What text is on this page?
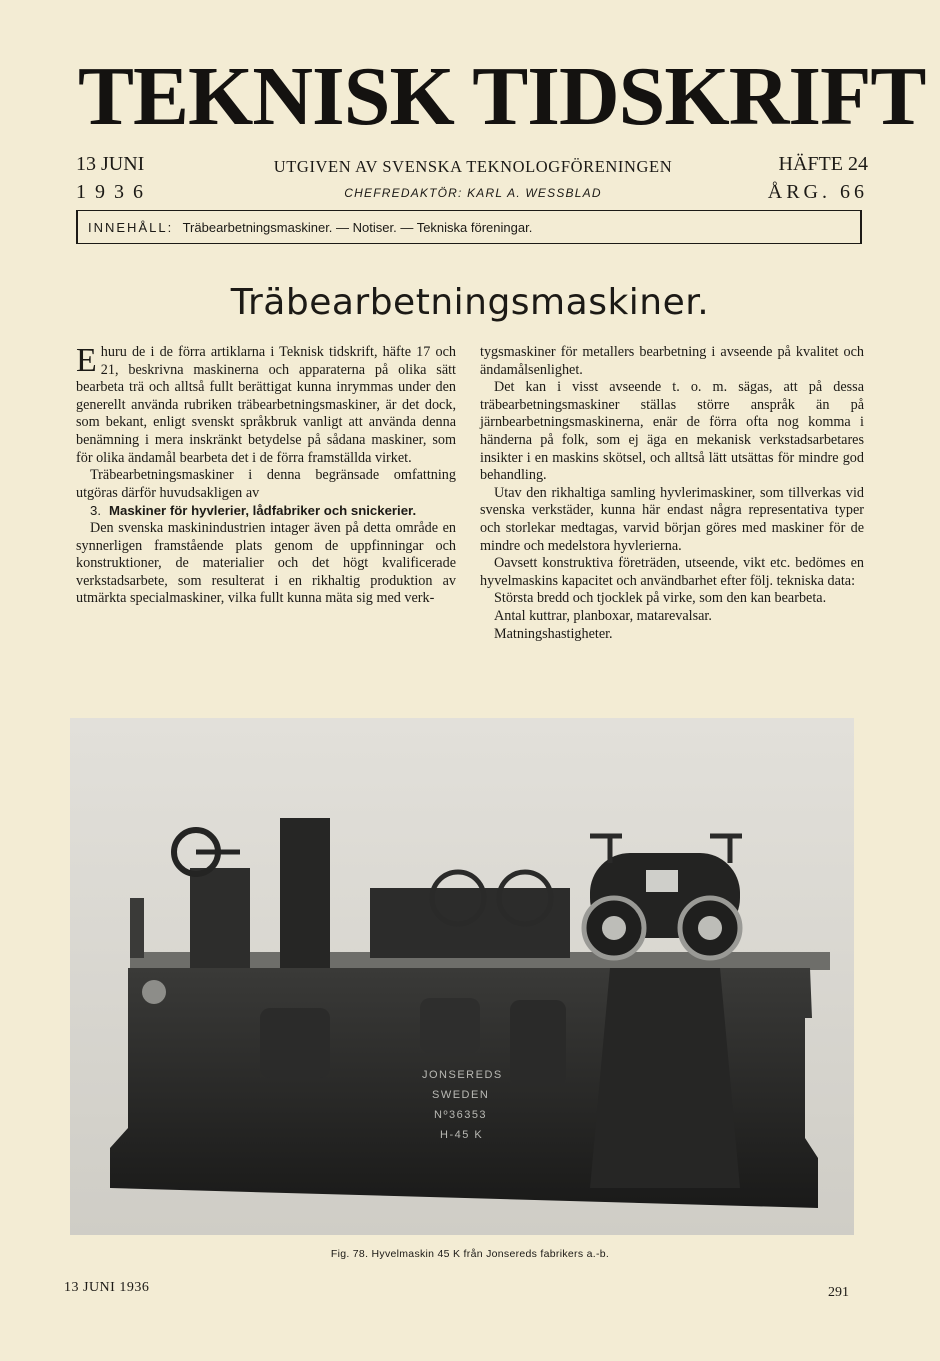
TEKNISK TIDSKRIFT
13 JUNI
1936
UTGIVEN AV SVENSKA TEKNOLOGFÖRENINGEN
CHEFREDAKTÖR: KARL A. WESSBLAD
HÄFTE 24
ÅRG. 66
INNEHÅLL: Träbearbetningsmaskiner. — Notiser. — Tekniska föreningar.
Träbearbetningsmaskiner.

Ehuru de i de förra artiklarna i Teknisk tidskrift, häfte 17 och 21, beskrivna maskinerna och apparaterna på olika sätt bearbeta trä och alltså fullt berättigat kunna inrymmas under den generellt använda rubriken träbearbetningsmaskiner, är det dock, som bekant, enligt svenskt språkbruk vanligt att använda denna benämning i mera inskränkt betydelse på sådana maskiner, som för olika ändamål bearbeta det i de förra framställda virket.

Träbearbetningsmaskiner i denna begränsade omfattning utgöras därför huvudsakligen av

3. Maskiner för hyvlerier, lådfabriker och snickerier.

Den svenska maskinindustrien intager även på detta område en synnerligen framstående plats genom de uppfinningar och konstruktioner, de materialier och det högt kvalificerade verkstadsarbete, som resulterat i en rikhaltig produktion av utmärkta specialmaskiner, vilka fullt kunna mäta sig med verk-

tygsmaskiner för metallers bearbetning i avseende på kvalitet och ändamålsenlighet.

Det kan i visst avseende t. o. m. sägas, att på dessa träbearbetningsmaskiner ställas större anspråk än på järnbearbetningsmaskinerna, enär de förra ofta nog komma i händerna på folk, som ej äga en mekanisk verkstadsarbetares insikter i en maskins skötsel, och alltså lätt utsättas för mindre god behandling.

Utav den rikhaltiga samling hyvlerimaskiner, som tillverkas vid svenska verkstäder, kunna här endast några representativa typer och storlekar medtagas, varvid början göres med maskiner för de mindre och medelstora hyvlerierna.

Oavsett konstruktiva företräden, utseende, vikt etc. bedömes en hyvelmaskins kapacitet och användbarhet efter följ. tekniska data:

Största bredd och tjocklek på virke, som den kan bearbeta.

Antal kuttrar, planboxar, matarevalsar.

Matningshastigheter.

JONSEREDS
SWEDEN
Nº36353
H-45 K
Fig. 78. Hyvelmaskin 45 K från Jonsereds fabrikers a.-b.
13 JUNI 1936	291
